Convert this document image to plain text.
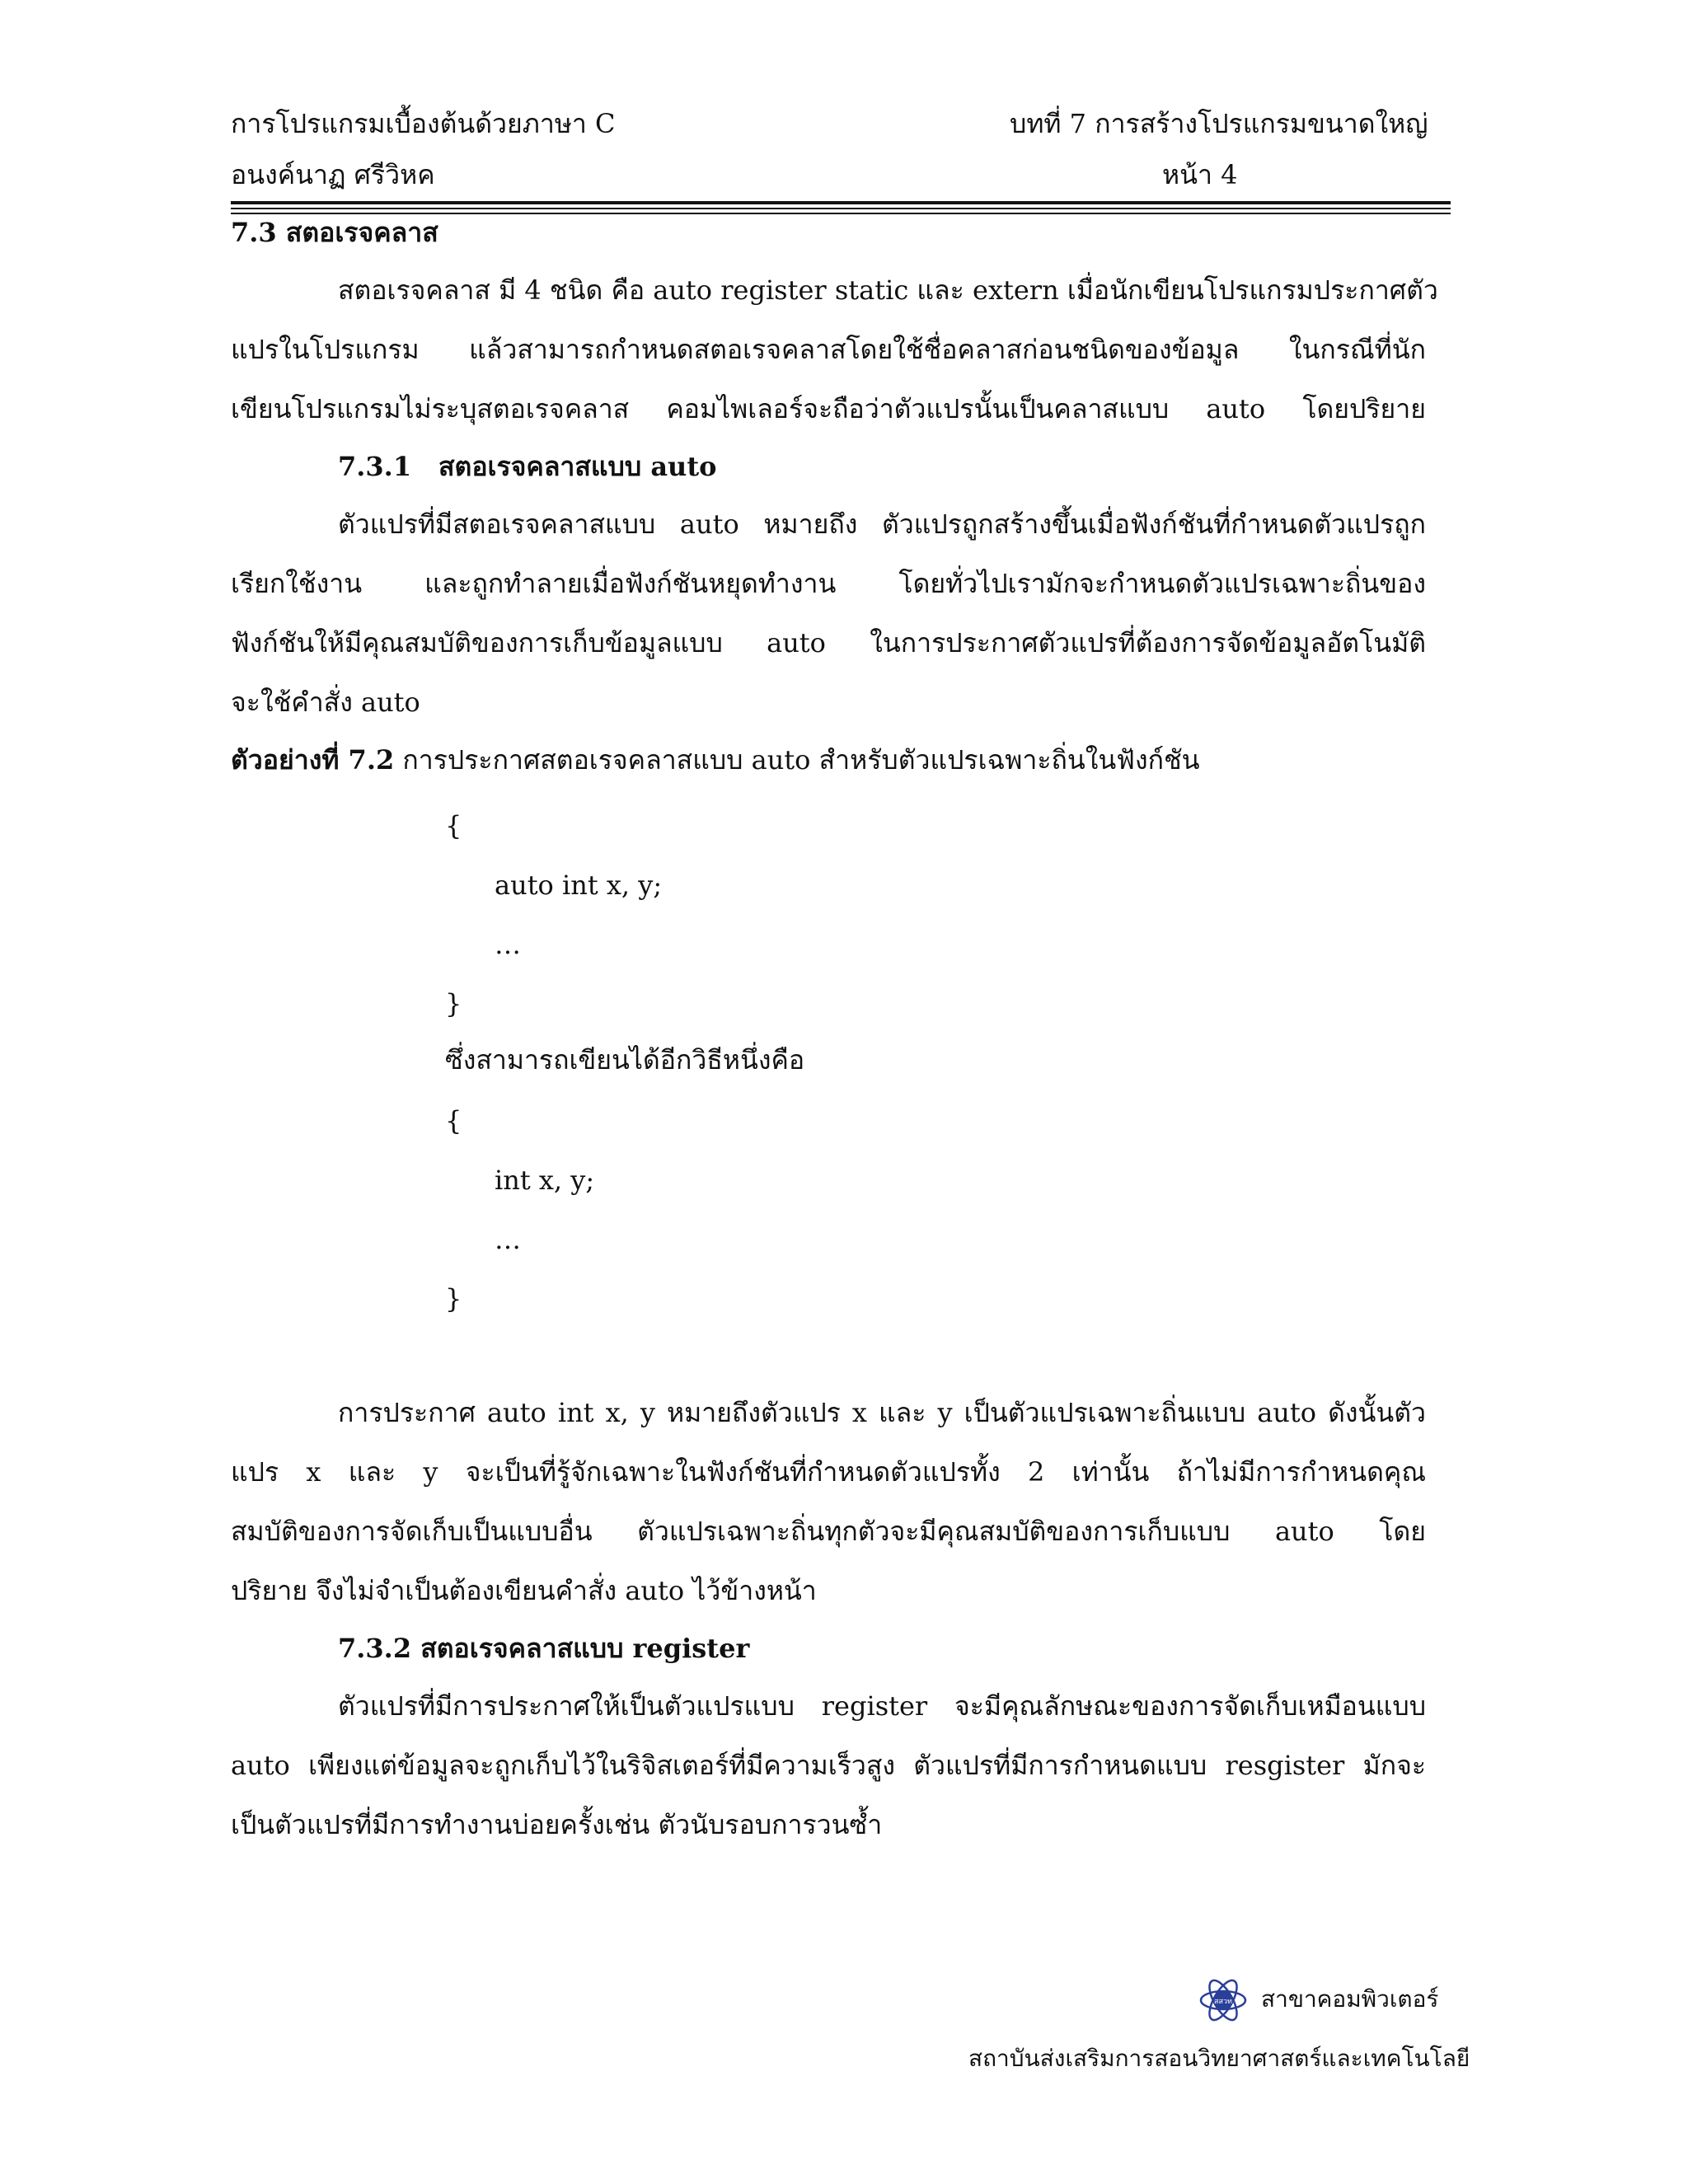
การโปรแกรมเบื้องต้นด้วยภาษา C	บทที่ 7 การสร้างโปรแกรมขนาดใหญ่
อนงค์นาฏ ศรีวิหค	หน้า 4
7.3 สตอเรจคลาส
สตอเรจคลาส มี 4 ชนิด คือ auto register static และ extern เมื่อนักเขียนโปรแกรมประกาศตัว
แปรในโปรแกรม แล้วสามารถกำหนดสตอเรจคลาสโดยใช้ชื่อคลาสก่อนชนิดของข้อมูล ในกรณีที่นัก
เขียนโปรแกรมไม่ระบุสตอเรจคลาส คอมไพเลอร์จะถือว่าตัวแปรนั้นเป็นคลาสแบบ auto โดยปริยาย
7.3.1 สตอเรจคลาสแบบ auto
ตัวแปรที่มีสตอเรจคลาสแบบ auto หมายถึง ตัวแปรถูกสร้างขึ้นเมื่อฟังก์ชันที่กำหนดตัวแปรถูก
เรียกใช้งาน และถูกทำลายเมื่อฟังก์ชันหยุดทำงาน โดยทั่วไปเรามักจะกำหนดตัวแปรเฉพาะถิ่นของ
ฟังก์ชันให้มีคุณสมบัติของการเก็บข้อมูลแบบ auto ในการประกาศตัวแปรที่ต้องการจัดข้อมูลอัตโนมัติ
จะใช้คำสั่ง auto
ตัวอย่างที่ 7.2 การประกาศสตอเรจคลาสแบบ auto สำหรับตัวแปรเฉพาะถิ่นในฟังก์ชัน
{
auto int x, y;
…
}
ซึ่งสามารถเขียนได้อีกวิธีหนึ่งคือ
{
int x, y;
…
}
การประกาศ auto int x, y หมายถึงตัวแปร x และ y เป็นตัวแปรเฉพาะถิ่นแบบ auto ดังนั้นตัว
แปร x และ y จะเป็นที่รู้จักเฉพาะในฟังก์ชันที่กำหนดตัวแปรทั้ง 2 เท่านั้น ถ้าไม่มีการกำหนดคุณ
สมบัติของการจัดเก็บเป็นแบบอื่น ตัวแปรเฉพาะถิ่นทุกตัวจะมีคุณสมบัติของการเก็บแบบ auto โดย
ปริยาย จึงไม่จำเป็นต้องเขียนคำสั่ง auto ไว้ข้างหน้า
7.3.2 สตอเรจคลาสแบบ register
ตัวแปรที่มีการประกาศให้เป็นตัวแปรแบบ register จะมีคุณลักษณะของการจัดเก็บเหมือนแบบ
auto เพียงแต่ข้อมูลจะถูกเก็บไว้ในริจิสเตอร์ที่มีความเร็วสูง ตัวแปรที่มีการกำหนดแบบ resgister มักจะ
เป็นตัวแปรที่มีการทำงานบ่อยครั้งเช่น ตัวนับรอบการวนซ้ำ
สสวท สาขาคอมพิวเตอร์
สถาบันส่งเสริมการสอนวิทยาศาสตร์และเทคโนโลยี
